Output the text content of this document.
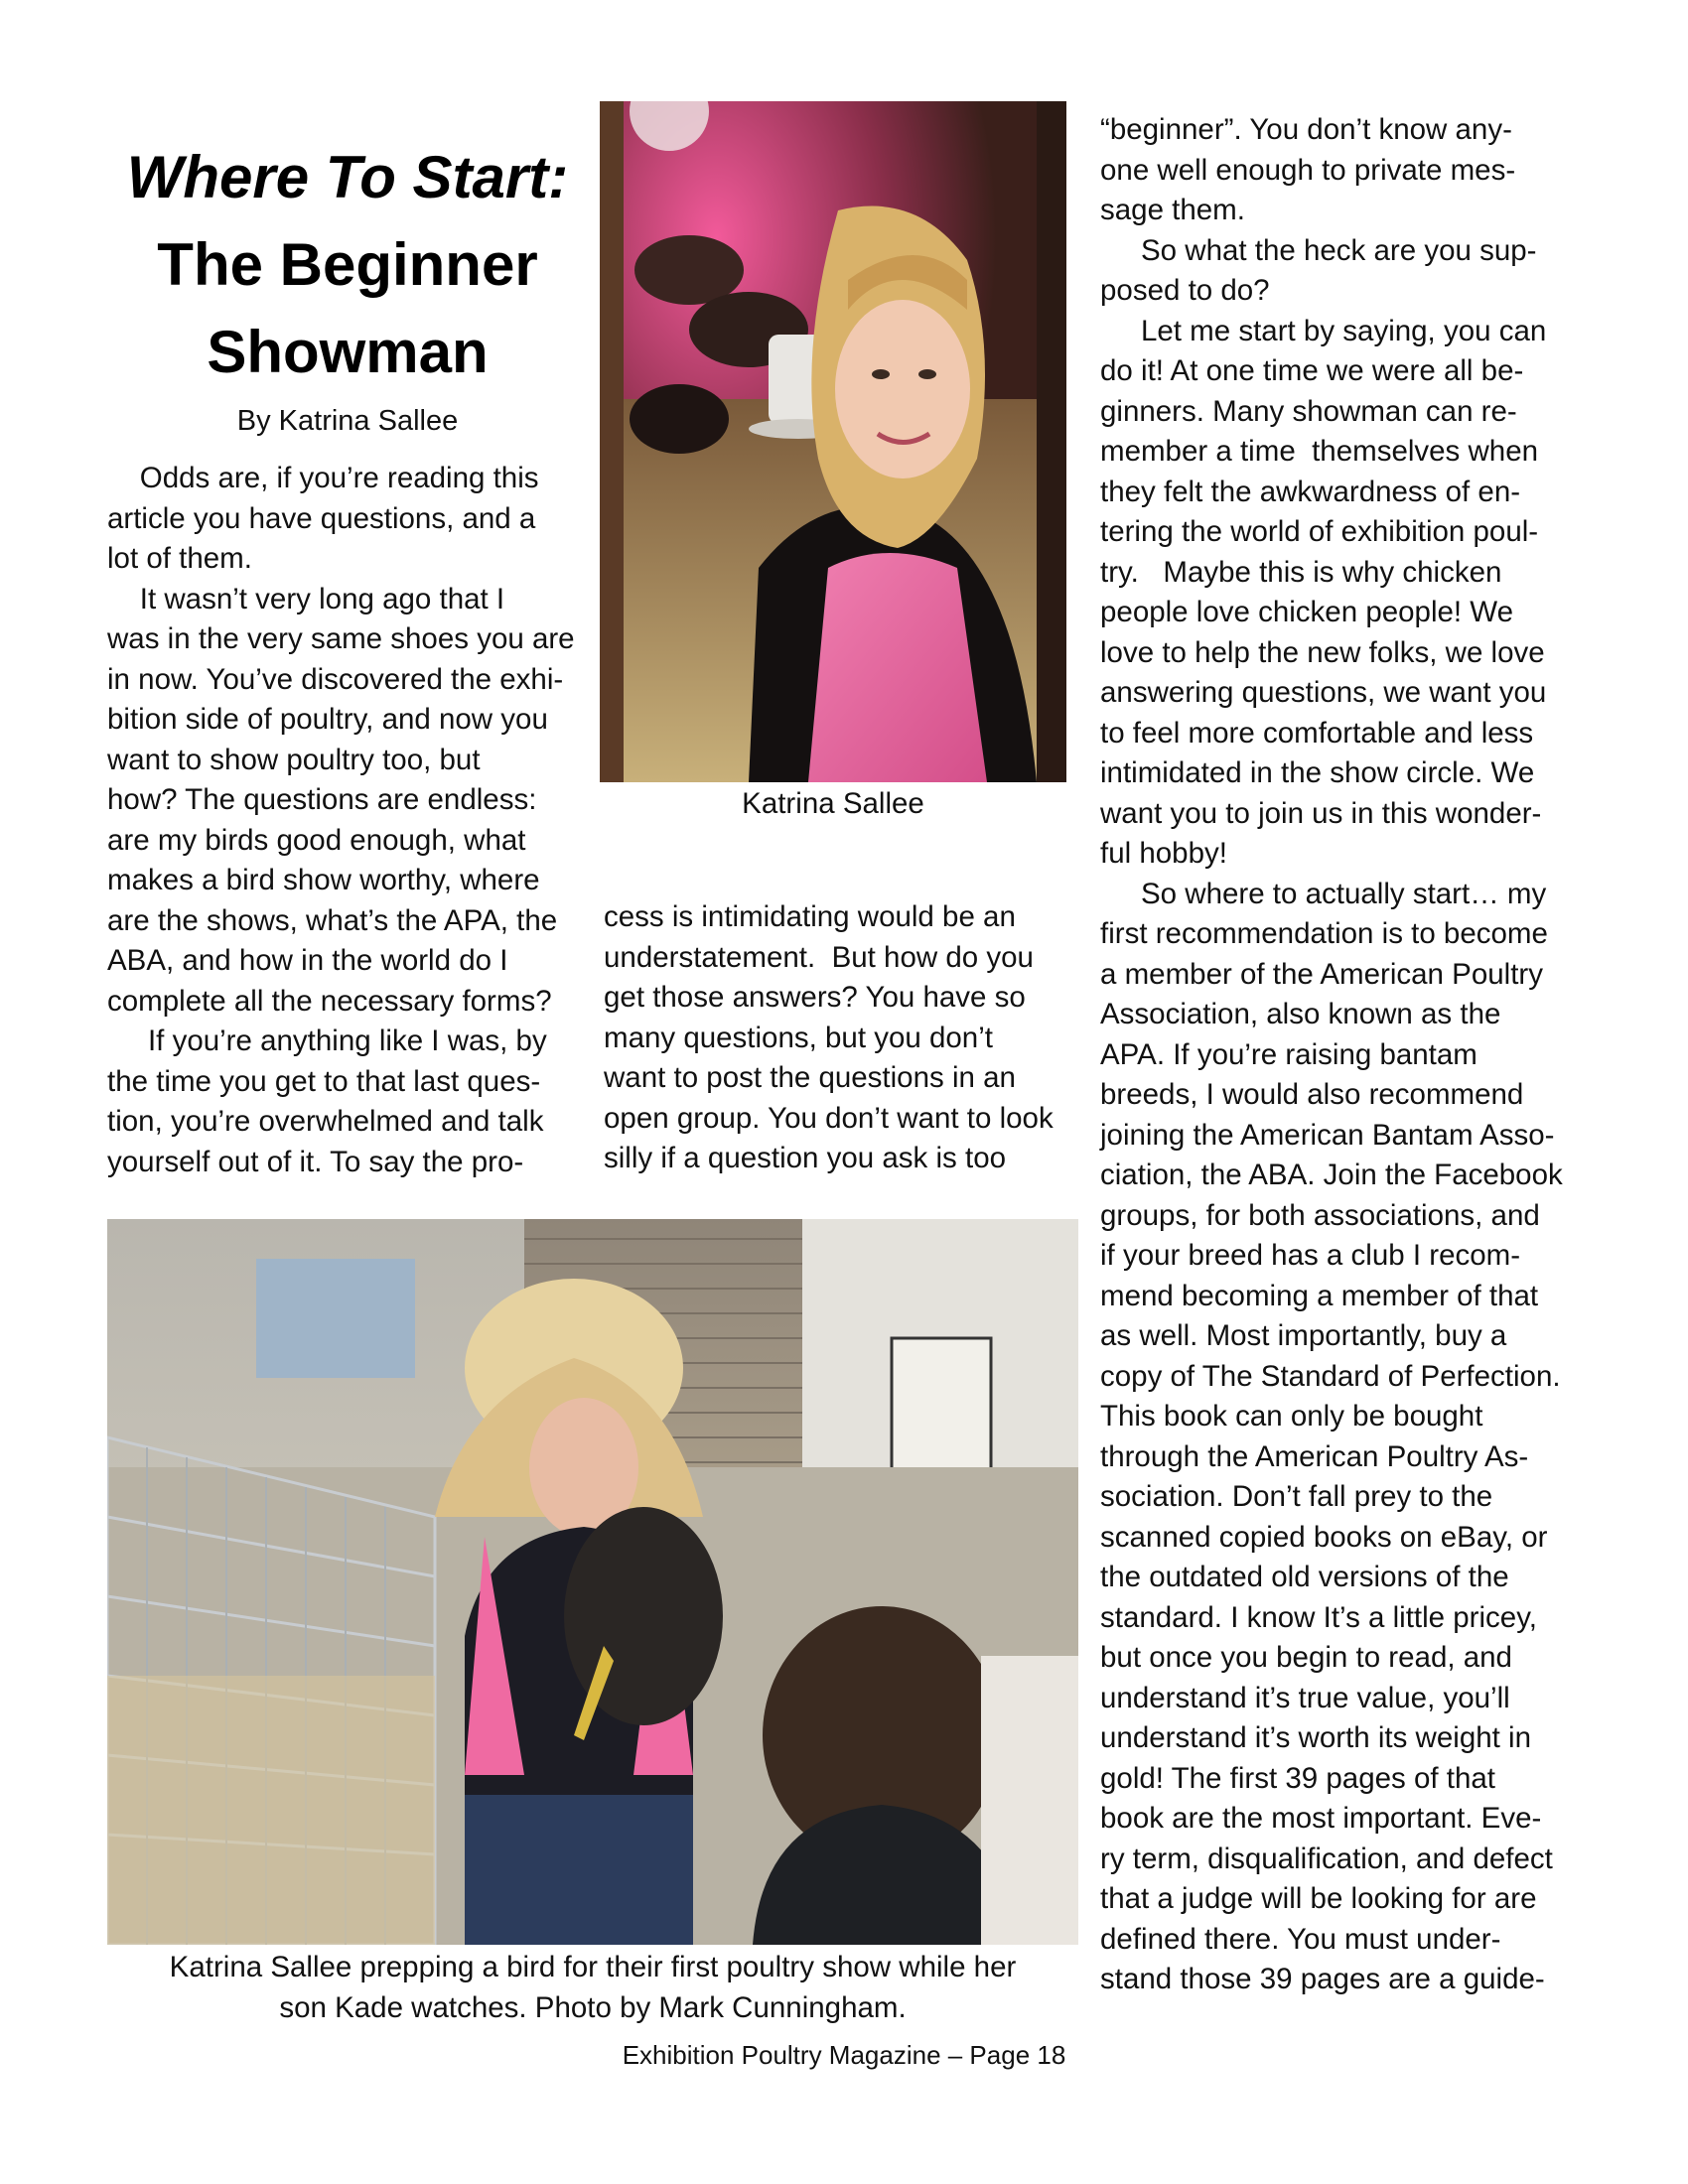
Where To Start:
The Beginner
Showman
By Katrina Sallee
Odds are, if you’re reading this
article you have questions, and a
lot of them.
It wasn’t very long ago that I
was in the very same shoes you are
in now. You’ve discovered the exhi-
bition side of poultry, and now you
want to show poultry too, but
how? The questions are endless:
are my birds good enough, what
makes a bird show worthy, where
are the shows, what’s the APA, the
ABA, and how in the world do I
complete all the necessary forms?
If you’re anything like I was, by
the time you get to that last ques-
tion, you’re overwhelmed and talk
yourself out of it. To say the pro-
Katrina Sallee
cess is intimidating would be an
understatement.  But how do you
get those answers? You have so
many questions, but you don’t
want to post the questions in an
open group. You don’t want to look
silly if a question you ask is too
Katrina Sallee prepping a bird for their first poultry show while her
son Kade watches. Photo by Mark Cunningham.
“beginner”. You don’t know any-
one well enough to private mes-
sage them.
So what the heck are you sup-
posed to do?
Let me start by saying, you can
do it! At one time we were all be-
ginners. Many showman can re-
member a time  themselves when
they felt the awkwardness of en-
tering the world of exhibition poul-
try.   Maybe this is why chicken
people love chicken people! We
love to help the new folks, we love
answering questions, we want you
to feel more comfortable and less
intimidated in the show circle. We
want you to join us in this wonder-
ful hobby!
So where to actually start… my
first recommendation is to become
a member of the American Poultry
Association, also known as the
APA. If you’re raising bantam
breeds, I would also recommend
joining the American Bantam Asso-
ciation, the ABA. Join the Facebook
groups, for both associations, and
if your breed has a club I recom-
mend becoming a member of that
as well. Most importantly, buy a
copy of The Standard of Perfection.
This book can only be bought
through the American Poultry As-
sociation. Don’t fall prey to the
scanned copied books on eBay, or
the outdated old versions of the
standard. I know It’s a little pricey,
but once you begin to read, and
understand it’s true value, you’ll
understand it’s worth its weight in
gold! The first 39 pages of that
book are the most important. Eve-
ry term, disqualification, and defect
that a judge will be looking for are
defined there. You must under-
stand those 39 pages are a guide-
Exhibition Poultry Magazine – Page 18
